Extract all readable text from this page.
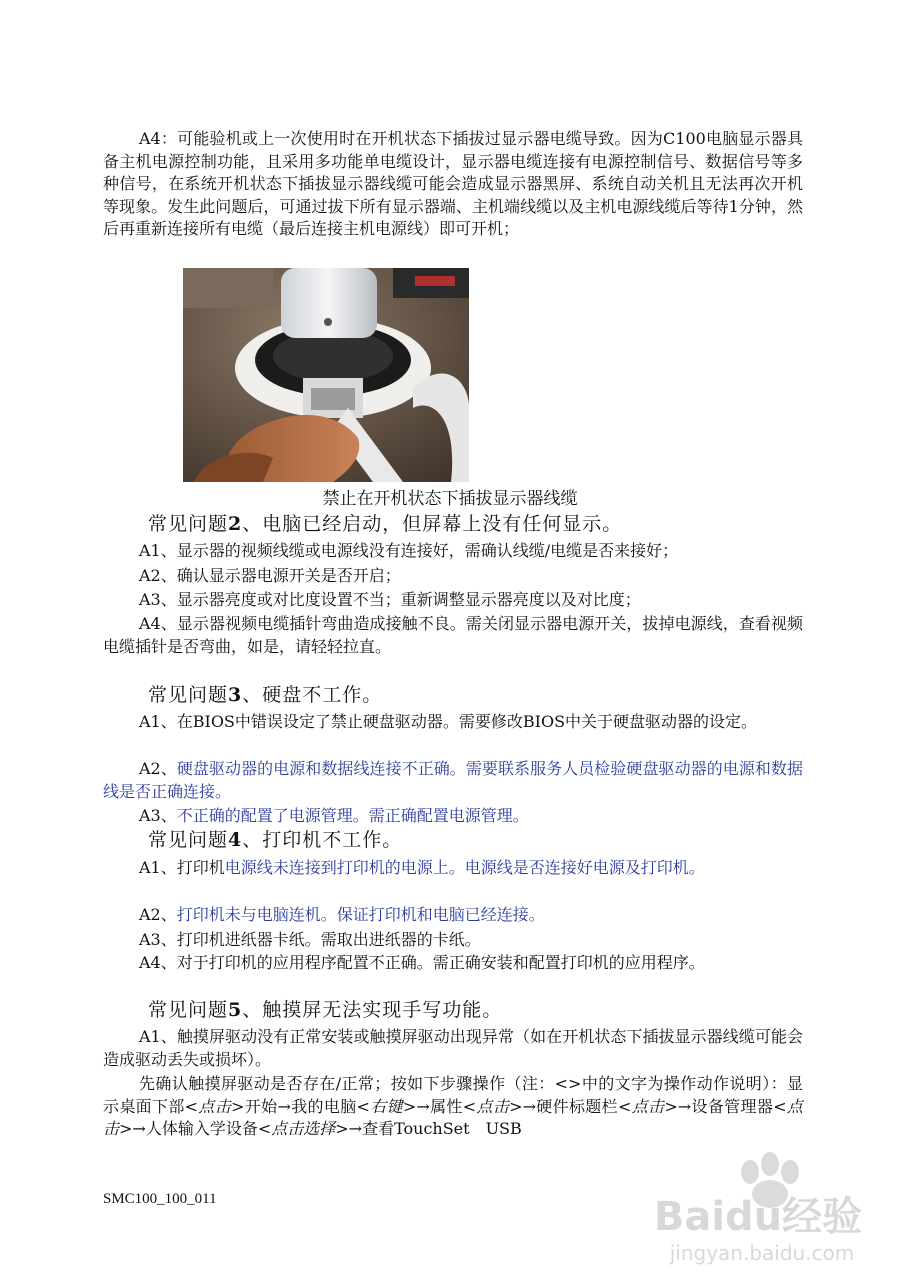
A4：可能验机或上一次使用时在开机状态下插拔过显示器电缆导致。因为C100电脑显示器具备主机电源控制功能，且采用多功能单电缆设计，显示器电缆连接有电源控制信号、数据信号等多种信号，在系统开机状态下插拔显示器线缆可能会造成显示器黑屏、系统自动关机且无法再次开机等现象。发生此问题后，可通过拔下所有显示器端、主机端线缆以及主机电源线缆后等待1分钟，然后再重新连接所有电缆（最后连接主机电源线）即可开机；

禁止在开机状态下插拔显示器线缆

常见问题2、电脑已经启动，但屏幕上没有任何显示。

A1、显示器的视频线缆或电源线没有连接好，需确认线缆/电缆是否来接好；

A2、确认显示器电源开关是否开启；

A3、显示器亮度或对比度设置不当；重新调整显示器亮度以及对比度；

A4、显示器视频电缆插针弯曲造成接触不良。需关闭显示器电源开关，拔掉电源线，查看视频电缆插针是否弯曲，如是，请轻轻拉直。

常见问题3、硬盘不工作。

A1、在BIOS中错误设定了禁止硬盘驱动器。需要修改BIOS中关于硬盘驱动器的设定。

A2、硬盘驱动器的电源和数据线连接不正确。需要联系服务人员检验硬盘驱动器的电源和数据线是否正确连接。

A3、不正确的配置了电源管理。需正确配置电源管理。

常见问题4、打印机不工作。

A1、打印机电源线未连接到打印机的电源上。电源线是否连接好电源及打印机。

A2、打印机未与电脑连机。保证打印机和电脑已经连接。

A3、打印机进纸器卡纸。需取出进纸器的卡纸。

A4、对于打印机的应用程序配置不正确。需正确安装和配置打印机的应用程序。

常见问题5、触摸屏无法实现手写功能。

A1、触摸屏驱动没有正常安装或触摸屏驱动出现异常（如在开机状态下插拔显示器线缆可能会造成驱动丢失或损坏）。

先确认触摸屏驱动是否存在/正常；按如下步骤操作（注：<>中的文字为操作动作说明）：显示桌面下部<点击>开始→我的电脑<右键>→属性<点击>→硬件标题栏<点击>→设备管理器<点击>→人体输入学设备<点击选择>→查看TouchSet　USB

SMC100_100_011	Baidu经验
jingyan.baidu.com
